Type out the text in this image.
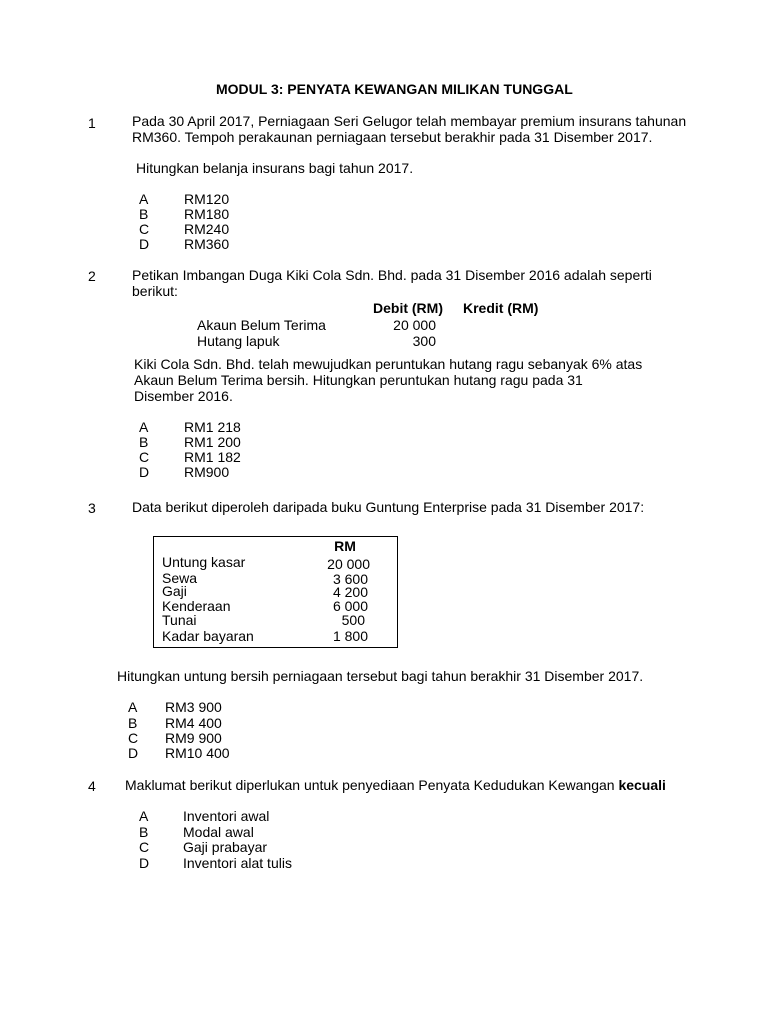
MODUL 3: PENYATA KEWANGAN MILIKAN TUNGGAL
1	Pada 30 April 2017, Perniagaan Seri Gelugor telah membayar premium insurans tahunan
RM360. Tempoh perakaunan perniagaan tersebut berakhir pada 31 Disember 2017.
Hitungkan belanja insurans bagi tahun 2017.
A	RM120
B	RM180
C RM240
D RM360
2	Petikan Imbangan Duga Kiki Cola Sdn. Bhd. pada 31 Disember 2016 adalah seperti
berikut:
Debit (RM) Kredit (RM)
Akaun Belum Terima	20 000
Hutang lapuk	300
Kiki Cola Sdn. Bhd. telah mewujudkan peruntukan hutang ragu sebanyak 6% atas
Akaun Belum Terima bersih. Hitungkan peruntukan hutang ragu pada 31
Disember 2016.
A	RM1 218
B	RM1 200
C RM1 182
D RM900
3	Data berikut diperoleh daripada buku Guntung Enterprise pada 31 Disember 2017:
RM
Untung kasar	20 000
Sewa	3 600
Gaji	4 200
Kenderaan	6 000
Tunai	500
Kadar bayaran	1 800
Hitungkan untung bersih perniagaan tersebut bagi tahun berakhir 31 Disember 2017.
A RM3 900
B RM4 400
C RM9 900
D RM10 400
4 Maklumat berikut diperlukan untuk penyediaan Penyata Kedudukan Kewangan kecuali
A Inventori awal
B Modal awal
C Gaji prabayar
D Inventori alat tulis
